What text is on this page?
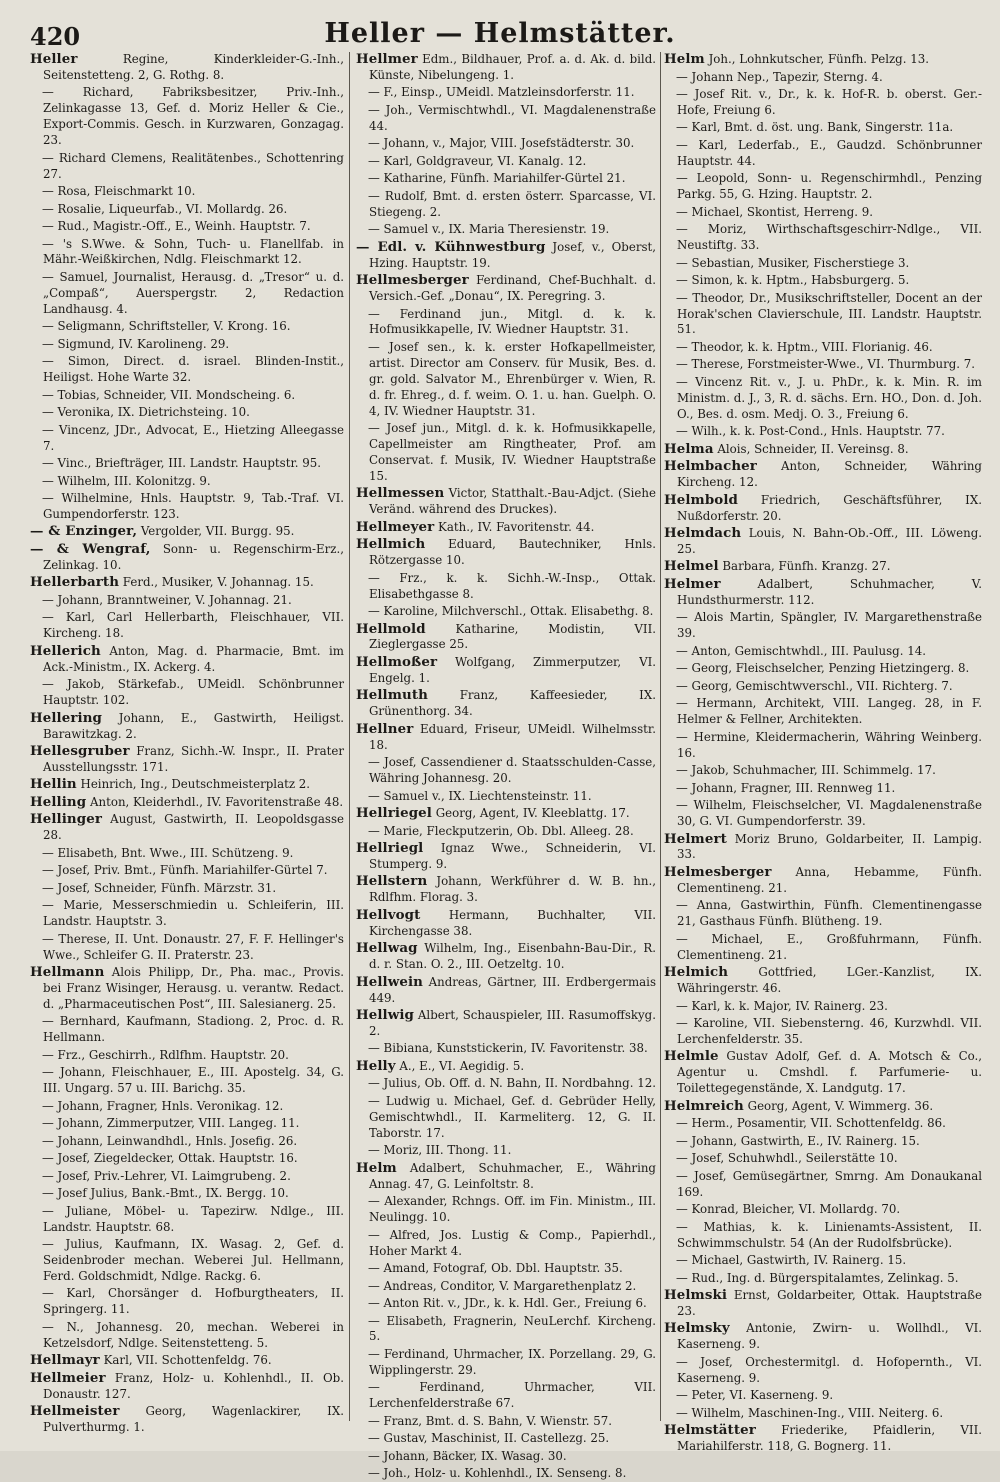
420	Heller — Helmstätter.
Heller Regine, Kinderkleider-G.-Inh., Seitenstetteng. 2, G. Rothg. 8.
— Richard, Fabriksbesitzer, Priv.-Inh., Zelinkagasse 13, Gef. d. Moriz Heller & Cie., Export-Commis. Gesch. in Kurzwaren, Gonzagag. 23.
— Richard Clemens, Realitätenbes., Schottenring 27.
— Rosa, Fleischmarkt 10.
— Rosalie, Liqueurfab., VI. Mollardg. 26.
— Rud., Magistr.-Off., E., Weinh. Hauptstr. 7.
— 's S.Wwe. & Sohn, Tuch- u. Flanellfab. in Mähr.-Weißkirchen, Ndlg. Fleischmarkt 12.
— Samuel, Journalist, Herausg. d. „Tresor“ u. d. „Compaß“, Auerspergstr. 2, Redaction Landhausg. 4.
— Seligmann, Schriftsteller, V. Krong. 16.
— Sigmund, IV. Karolineng. 29.
— Simon, Direct. d. israel. Blinden-Instit., Heiligst. Hohe Warte 32.
— Tobias, Schneider, VII. Mondscheing. 6.
— Veronika, IX. Dietrichsteing. 10.
— Vincenz, JDr., Advocat, E., Hietzing Alleegasse 7.
— Vinc., Briefträger, III. Landstr. Hauptstr. 95.
— Wilhelm, III. Kolonitzg. 9.
— Wilhelmine, Hnls. Hauptstr. 9, Tab.-Traf. VI. Gumpendorferstr. 123.
— & Enzinger, Vergolder, VII. Burgg. 95.
— & Wengraf, Sonn- u. Regenschirm-Erz., Zelinkag. 10.
Hellerbarth Ferd., Musiker, V. Johannag. 15.
— Johann, Branntweiner, V. Johannag. 21.
— Karl, Carl Hellerbarth, Fleischhauer, VII. Kircheng. 18.
Hellerich Anton, Mag. d. Pharmacie, Bmt. im Ack.-Ministm., IX. Ackerg. 4.
— Jakob, Stärkefab., UMeidl. Schönbrunner Hauptstr. 102.
Hellering Johann, E., Gastwirth, Heiligst. Barawitzkag. 2.
Hellesgruber Franz, Sichh.-W. Inspr., II. Prater Ausstellungsstr. 171.
Hellin Heinrich, Ing., Deutschmeisterplatz 2.
Helling Anton, Kleiderhdl., IV. Favoritenstraße 48.
Hellinger August, Gastwirth, II. Leopoldsgasse 28.
— Elisabeth, Bnt. Wwe., III. Schützeng. 9.
— Josef, Priv. Bmt., Fünfh. Mariahilfer-Gürtel 7.
— Josef, Schneider, Fünfh. Märzstr. 31.
— Marie, Messerschmiedin u. Schleiferin, III. Landstr. Hauptstr. 3.
— Therese, II. Unt. Donaustr. 27, F. F. Hellinger's Wwe., Schleifer G. II. Praterstr. 23.
Hellmann Alois Philipp, Dr., Pha. mac., Provis. bei Franz Wisinger, Herausg. u. verantw. Redact. d. „Pharmaceutischen Post“, III. Salesianerg. 25.
— Bernhard, Kaufmann, Stadiong. 2, Proc. d. R. Hellmann.
— Frz., Geschirrh., Rdlfhm. Hauptstr. 20.
— Johann, Fleischhauer, E., III. Apostelg. 34, G. III. Ungarg. 57 u. III. Barichg. 35.
— Johann, Fragner, Hnls. Veronikag. 12.
— Johann, Zimmerputzer, VIII. Langeg. 11.
— Johann, Leinwandhdl., Hnls. Josefig. 26.
— Josef, Ziegeldecker, Ottak. Hauptstr. 16.
— Josef, Priv.-Lehrer, VI. Laimgrubeng. 2.
— Josef Julius, Bank.-Bmt., IX. Bergg. 10.
— Juliane, Möbel- u. Tapezirw. Ndlge., III. Landstr. Hauptstr. 68.
— Julius, Kaufmann, IX. Wasag. 2, Gef. d. Seidenbroder mechan. Weberei Jul. Hellmann, Ferd. Goldschmidt, Ndlge. Rackg. 6.
— Karl, Chorsänger d. Hofburgtheaters, II. Springerg. 11.
— N., Johannesg. 20, mechan. Weberei in Ketzelsdorf, Ndlge. Seitenstetteng. 5.
Hellmayr Karl, VII. Schottenfeldg. 76.
Hellmeier Franz, Holz- u. Kohlenhdl., II. Ob. Donaustr. 127.
Hellmeister Georg, Wagenlackirer, IX. Pulverthurmg. 1.
Hellmer Edm., Bildhauer, Prof. a. d. Ak. d. bild. Künste, Nibelungeng. 1.
— F., Einsp., UMeidl. Matzleinsdorferstr. 11.
— Joh., Vermischtwhdl., VI. Magdalenenstraße 44.
— Johann, v., Major, VIII. Josefstädterstr. 30.
— Karl, Goldgraveur, VI. Kanalg. 12.
— Katharine, Fünfh. Mariahilfer-Gürtel 21.
— Rudolf, Bmt. d. ersten österr. Sparcasse, VI. Stiegeng. 2.
— Samuel v., IX. Maria Theresienstr. 19.
— Edl. v. Kühnwestburg Josef, v., Oberst, Hzing. Hauptstr. 19.
Hellmesberger Ferdinand, Chef-Buchhalt. d. Versich.-Gef. „Donau“, IX. Peregring. 3.
— Ferdinand jun., Mitgl. d. k. k. Hofmusikkapelle, IV. Wiedner Hauptstr. 31.
— Josef sen., k. k. erster Hofkapellmeister, artist. Director am Conserv. für Musik, Bes. d. gr. gold. Salvator M., Ehrenbürger v. Wien, R. d. fr. Ehreg., d. f. weim. O. 1. u. han. Guelph. O. 4, IV. Wiedner Hauptstr. 31.
— Josef jun., Mitgl. d. k. k. Hofmusikkapelle, Capellmeister am Ringtheater, Prof. am Conservat. f. Musik, IV. Wiedner Hauptstraße 15.
Hellmessen Victor, Statthalt.-Bau-Adjct. (Siehe Veränd. während des Druckes).
Hellmeyer Kath., IV. Favoritenstr. 44.
Hellmich Eduard, Bautechniker, Hnls. Rötzergasse 10.
— Frz., k. k. Sichh.-W.-Insp., Ottak. Elisabethgasse 8.
— Karoline, Milchverschl., Ottak. Elisabethg. 8.
Hellmold Katharine, Modistin, VII. Zieglergasse 25.
Hellmoßer Wolfgang, Zimmerputzer, VI. Engelg. 1.
Hellmuth Franz, Kaffeesieder, IX. Grünenthorg. 34.
Hellner Eduard, Friseur, UMeidl. Wilhelmsstr. 18.
— Josef, Cassendiener d. Staatsschulden-Casse, Währing Johannesg. 20.
— Samuel v., IX. Liechtensteinstr. 11.
Hellriegel Georg, Agent, IV. Kleeblattg. 17.
— Marie, Fleckputzerin, Ob. Dbl. Alleeg. 28.
Hellriegl Ignaz Wwe., Schneiderin, VI. Stumperg. 9.
Hellstern Johann, Werkführer d. W. B. hn., Rdlfhm. Florag. 3.
Hellvogt Hermann, Buchhalter, VII. Kirchengasse 38.
Hellwag Wilhelm, Ing., Eisenbahn-Bau-Dir., R. d. r. Stan. O. 2., III. Oetzeltg. 10.
Hellwein Andreas, Gärtner, III. Erdbergermais 449.
Hellwig Albert, Schauspieler, III. Rasumoffskyg. 2.
— Bibiana, Kunststickerin, IV. Favoritenstr. 38.
Helly A., E., VI. Aegidig. 5.
— Julius, Ob. Off. d. N. Bahn, II. Nordbahng. 12.
— Ludwig u. Michael, Gef. d. Gebrüder Helly, Gemischtwhdl., II. Karmeliterg. 12, G. II. Taborstr. 17.
— Moriz, III. Thong. 11.
Helm Adalbert, Schuhmacher, E., Währing Annag. 47, G. Leinfoltstr. 8.
— Alexander, Rchngs. Off. im Fin. Ministm., III. Neulingg. 10.
— Alfred, Jos. Lustig & Comp., Papierhdl., Hoher Markt 4.
— Amand, Fotograf, Ob. Dbl. Hauptstr. 35.
— Andreas, Conditor, V. Margarethenplatz 2.
— Anton Rit. v., JDr., k. k. Hdl. Ger., Freiung 6.
— Elisabeth, Fragnerin, NeuLerchf. Kircheng. 5.
— Ferdinand, Uhrmacher, IX. Porzellang. 29, G. Wipplingerstr. 29.
— Ferdinand, Uhrmacher, VII. Lerchenfelderstraße 67.
— Franz, Bmt. d. S. Bahn, V. Wienstr. 57.
— Gustav, Maschinist, II. Castellezg. 25.
— Johann, Bäcker, IX. Wasag. 30.
— Joh., Holz- u. Kohlenhdl., IX. Senseng. 8.
Helm Joh., Lohnkutscher, Fünfh. Pelzg. 13.
— Johann Nep., Tapezir, Sterng. 4.
— Josef Rit. v., Dr., k. k. Hof-R. b. oberst. Ger.-Hofe, Freiung 6.
— Karl, Bmt. d. öst. ung. Bank, Singerstr. 11a.
— Karl, Lederfab., E., Gaudzd. Schönbrunner Hauptstr. 44.
— Leopold, Sonn- u. Regenschirmhdl., Penzing Parkg. 55, G. Hzing. Hauptstr. 2.
— Michael, Skontist, Herreng. 9.
— Moriz, Wirthschaftsgeschirr-Ndlge., VII. Neustiftg. 33.
— Sebastian, Musiker, Fischerstiege 3.
— Simon, k. k. Hptm., Habsburgerg. 5.
— Theodor, Dr., Musikschriftsteller, Docent an der Horak'schen Clavierschule, III. Landstr. Hauptstr. 51.
— Theodor, k. k. Hptm., VIII. Florianig. 46.
— Therese, Forstmeister-Wwe., VI. Thurmburg. 7.
— Vincenz Rit. v., J. u. PhDr., k. k. Min. R. im Ministm. d. J., 3, R. d. sächs. Ern. HO., Don. d. Joh. O., Bes. d. osm. Medj. O. 3., Freiung 6.
— Wilh., k. k. Post-Cond., Hnls. Hauptstr. 77.
Helma Alois, Schneider, II. Vereinsg. 8.
Helmbacher Anton, Schneider, Währing Kircheng. 12.
Helmbold Friedrich, Geschäftsführer, IX. Nußdorferstr. 20.
Helmdach Louis, N. Bahn-Ob.-Off., III. Löweng. 25.
Helmel Barbara, Fünfh. Kranzg. 27.
Helmer Adalbert, Schuhmacher, V. Hundsthurmerstr. 112.
— Alois Martin, Spängler, IV. Margarethenstraße 39.
— Anton, Gemischtwhdl., III. Paulusg. 14.
— Georg, Fleischselcher, Penzing Hietzingerg. 8.
— Georg, Gemischtwverschl., VII. Richterg. 7.
— Hermann, Architekt, VIII. Langeg. 28, in F. Helmer & Fellner, Architekten.
— Hermine, Kleidermacherin, Währing Weinberg. 16.
— Jakob, Schuhmacher, III. Schimmelg. 17.
— Johann, Fragner, III. Rennweg 11.
— Wilhelm, Fleischselcher, VI. Magdalenenstraße 30, G. VI. Gumpendorferstr. 39.
Helmert Moriz Bruno, Goldarbeiter, II. Lampig. 33.
Helmesberger Anna, Hebamme, Fünfh. Clementineng. 21.
— Anna, Gastwirthin, Fünfh. Clementinengasse 21, Gasthaus Fünfh. Blütheng. 19.
— Michael, E., Großfuhrmann, Fünfh. Clementineng. 21.
Helmich Gottfried, LGer.-Kanzlist, IX. Währingerstr. 46.
— Karl, k. k. Major, IV. Rainerg. 23.
— Karoline, VII. Siebensterng. 46, Kurzwhdl. VII. Lerchenfelderstr. 35.
Helmle Gustav Adolf, Gef. d. A. Motsch & Co., Agentur u. Cmshdl. f. Parfumerie- u. Toilettegegenstände, X. Landgutg. 17.
Helmreich Georg, Agent, V. Wimmerg. 36.
— Herm., Posamentir, VII. Schottenfeldg. 86.
— Johann, Gastwirth, E., IV. Rainerg. 15.
— Josef, Schuhwhdl., Seilerstätte 10.
— Josef, Gemüsegärtner, Smrng. Am Donaukanal 169.
— Konrad, Bleicher, VI. Mollardg. 70.
— Mathias, k. k. Linienamts-Assistent, II. Schwimmschulstr. 54 (An der Rudolfsbrücke).
— Michael, Gastwirth, IV. Rainerg. 15.
— Rud., Ing. d. Bürgerspitalamtes, Zelinkag. 5.
Helmski Ernst, Goldarbeiter, Ottak. Hauptstraße 23.
Helmsky Antonie, Zwirn- u. Wollhdl., VI. Kaserneng. 9.
— Josef, Orchestermitgl. d. Hofopernth., VI. Kaserneng. 9.
— Peter, VI. Kaserneng. 9.
— Wilhelm, Maschinen-Ing., VIII. Neiterg. 6.
Helmstätter Friederike, Pfaidlerin, VII. Mariahilferstr. 118, G. Bognerg. 11.
